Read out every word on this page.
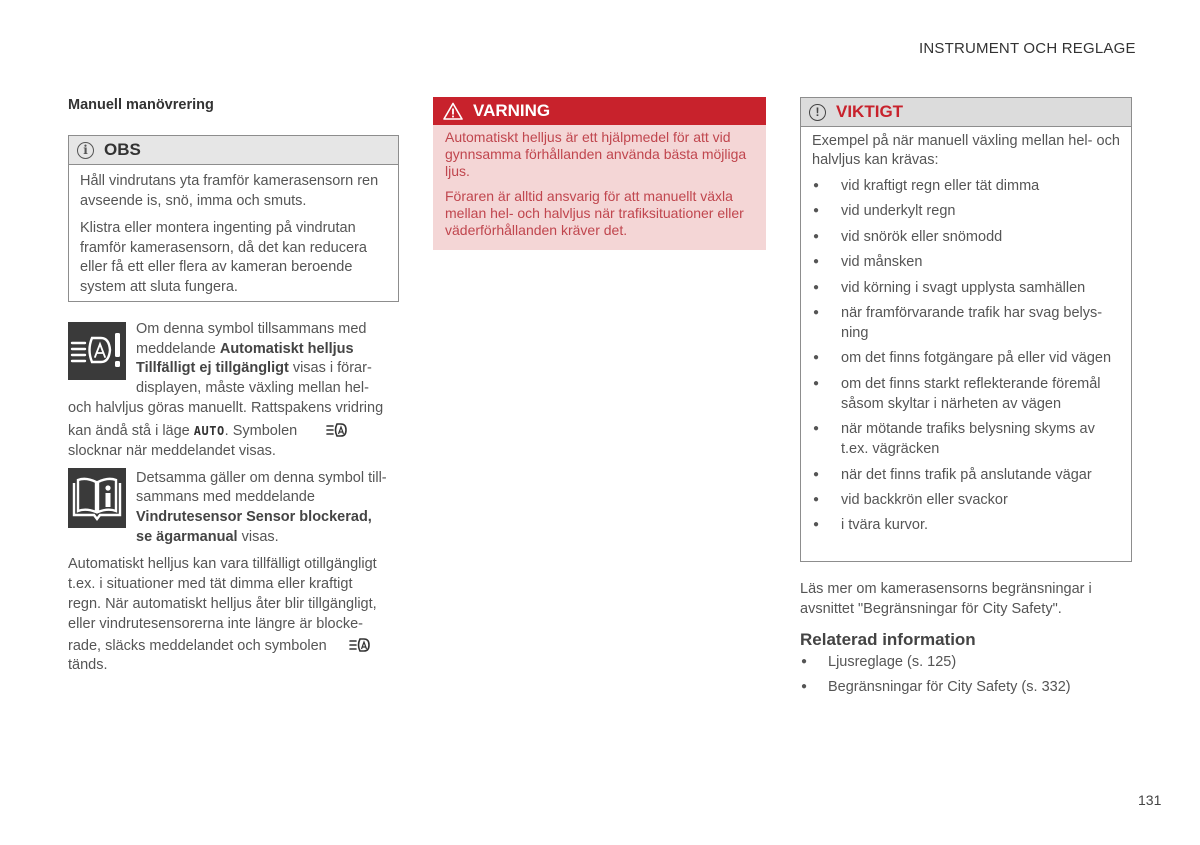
INSTRUMENT OCH REGLAGE
Manuell manövrering
i OBS

Håll vindrutans yta framför kamerasensorn ren avseende is, snö, imma och smuts.

Klistra eller montera ingenting på vindrutan framför kamerasensorn, då det kan reducera eller få ett eller flera av kameran beroende system att sluta fungera.

Om denna symbol tillsammans med
meddelande Automatiskt helljus
Tillfälligt ej tillgängligt visas i förar-
displayen, måste växling mellan hel-
och halvljus göras manuellt. Rattspakens vridring
kan ändå stå i läge AUTO. Symbolen
slocknar när meddelandet visas.
Detsamma gäller om denna symbol till-
sammans med meddelande
Vindrutesensor Sensor blockerad,
se ägarmanual visas.
Automatiskt helljus kan vara tillfälligt otillgängligt
t.ex. i situationer med tät dimma eller kraftigt
regn. När automatiskt helljus åter blir tillgängligt,
eller vindrutesensorerna inte längre är blocke-
rade, släcks meddelandet och symbolen
tänds.
VARNING

Automatiskt helljus är ett hjälpmedel för att vid gynnsamma förhållanden använda bästa möjliga ljus.

Föraren är alltid ansvarig för att manuellt växla mellan hel- och halvljus när trafiksituationer eller väderförhållanden kräver det.

! VIKTIGT

Exempel på när manuell växling mellan hel- och halvljus kan krävas:

● vid kraftigt regn eller tät dimma
● vid underkylt regn
● vid snörök eller snömodd
● vid månsken
● vid körning i svagt upplysta samhällen
● när framförvarande trafik har svag belys- ning
● om det finns fotgängare på eller vid vägen
● om det finns starkt reflekterande föremål såsom skyltar i närheten av vägen
● när mötande trafiks belysning skyms av t.ex. vägräcken
● när det finns trafik på anslutande vägar
● vid backkrön eller svackor
● i tvära kurvor.
Läs mer om kamerasensorns begränsningar i avsnittet "Begränsningar för City Safety".
Relaterad information
● Ljusreglage (s. 125)
● Begränsningar för City Safety (s. 332)
131
